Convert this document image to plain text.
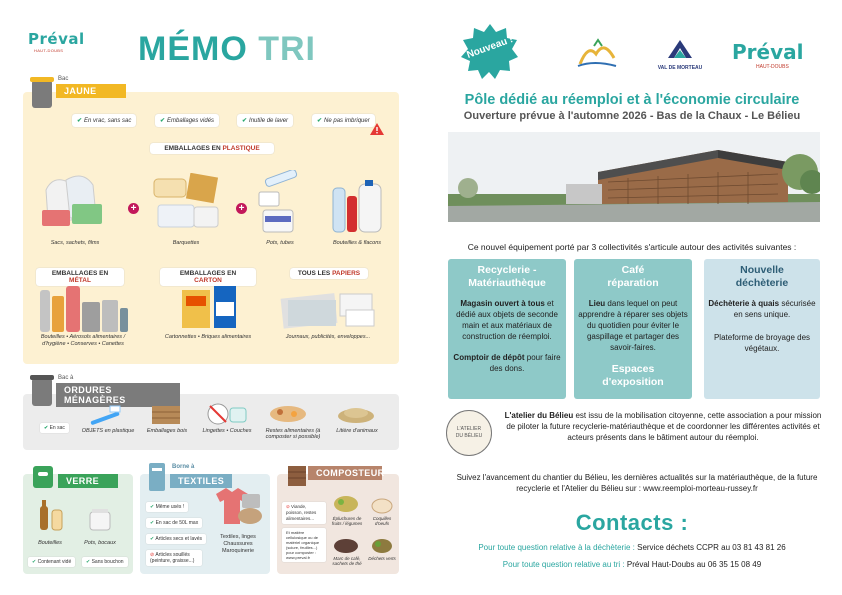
Préval
HAUT-DOUBS	MÉMO TRI
Bac
JAUNE
✔ En vrac, sans sac	✔ Emballages vidés	✔ Inutile de laver	✔ Ne pas imbriquer
EMBALLAGES EN PLASTIQUE
Sacs, sachets, films
+
Barquettes
+
Pots, tubes	Bouteilles & flacons
EMBALLAGES EN MÉTAL
EMBALLAGES EN CARTON
TOUS LES PAPIERS
Bouteilles • Aérosols alimentaires / d'hygiène • Conserves • Canettes
Cartonnettes • Briques alimentaires	Journaux, publicités, enveloppes...
Bac à
ORDURES MÉNAGÈRES
✔ En sac	OBJETS en plastique	Emballages bois	Lingettes • Couches	Restes alimentaires (à composter si possible)
Litière d'animaux
VERRE
Bouteilles	Pots, bocaux
✔ Contenant vidé	✔ Sans bouchon
Borne à
TEXTILES
✔ Même usés !
✔ En sac de 50L max
✔ Articles secs et lavés
⊘ Articles souillés (peinture, graisse...)
Textiles, linges Chaussures Maroquinerie
COMPOSTEUR
⊘ Viande, poisson, restes alimentaires...
Et matière cellulosique ou de matériel organique (sciure, feuilles...) pour composter : www.preval.fr
Épluchures de fruits / légumes
Coquilles d'oeufs
Marc de café, sachets de thé
Déchets verts
Nouveau !
VAL DE MORTEAU
Préval
HAUT-DOUBS
Pôle dédié au réemploi et à l'économie circulaire
Ouverture prévue à l'automne 2026 - Bas de la Chaux - Le Bélieu
Ce nouvel équipement porté par 3 collectivités s'articule autour des activités suivantes :
Recyclerie - Matériauthèque
Magasin ouvert à tous et dédié aux objets de seconde main et aux matériaux de construction de réemploi.
Comptoir de dépôt pour faire des dons.
Café réparation
Lieu dans lequel on peut apprendre à réparer ses objets du quotidien pour éviter le gaspillage et partager des savoir-faires.
Espaces d'exposition
Nouvelle déchèterie
Déchèterie à quais sécurisée en sens unique.
Plateforme de broyage des végétaux.
L'ATELIER DU BÉLIEU
L'atelier du Bélieu est issu de la mobilisation citoyenne, cette association a pour mission de piloter la future recyclerie-matériauthèque et de coordonner les différentes activités et acteurs présents dans le bâtiment autour du réemploi.
Suivez l'avancement du chantier du Bélieu, les dernières actualités sur la matériauthèque, de la future recyclerie et l'Atelier du Bélieu sur : www.reemploi-morteau-russey.fr
Contacts :
Pour toute question relative à la déchèterie : Service déchets CCPR au 03 81 43 81 26
Pour toute question relative au tri : Préval Haut-Doubs au 06 35 15 08 49
